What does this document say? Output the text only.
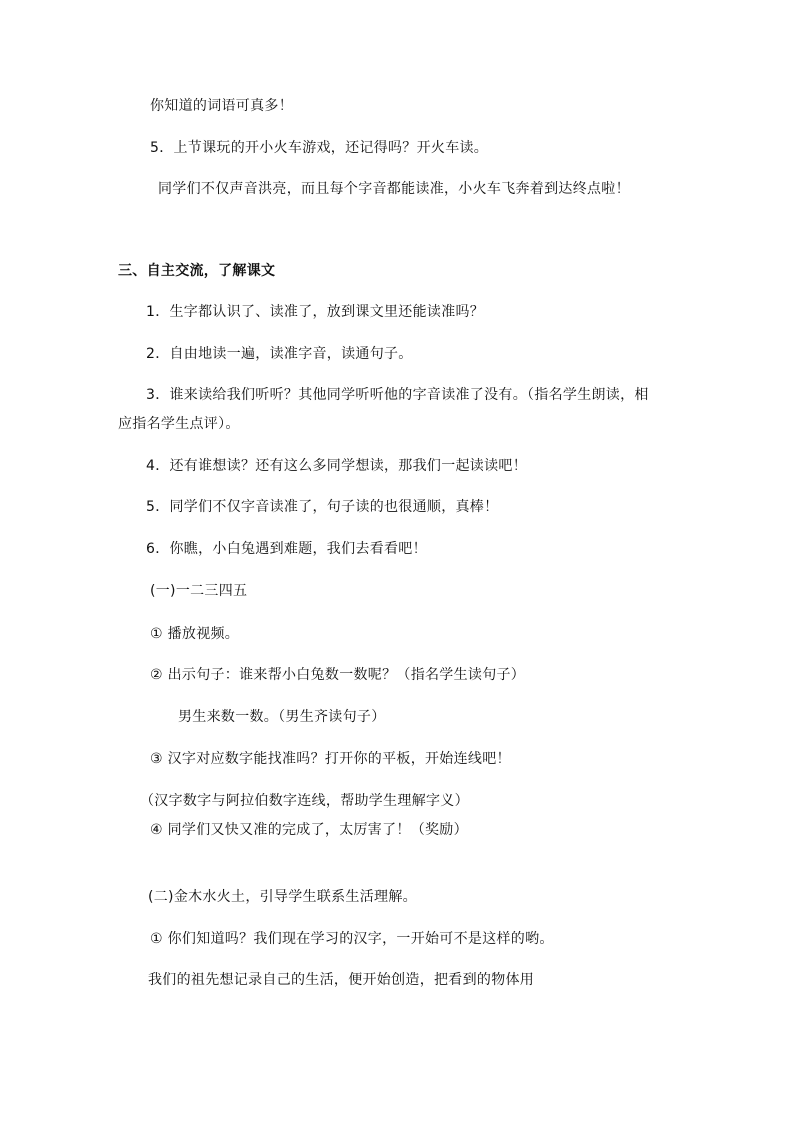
你知道的词语可真多！
5．上节课玩的开小火车游戏，还记得吗？开火车读。
同学们不仅声音洪亮，而且每个字音都能读准，小火车飞奔着到达终点啦！
三、自主交流，了解课文
1．生字都认识了、读准了，放到课文里还能读准吗？
2．自由地读一遍，读准字音，读通句子。
3．谁来读给我们听听？其他同学听听他的字音读准了没有。（指名学生朗读，相
应指名学生点评）。
4．还有谁想读？还有这么多同学想读，那我们一起读读吧！
5．同学们不仅字音读准了，句子读的也很通顺，真棒！
6．你瞧，小白兔遇到难题，我们去看看吧！
(一)一二三四五
① 播放视频。
② 出示句子：谁来帮小白兔数一数呢？（指名学生读句子）
男生来数一数。（男生齐读句子）
③ 汉字对应数字能找准吗？打开你的平板，开始连线吧！
（汉字数字与阿拉伯数字连线，帮助学生理解字义）
④ 同学们又快又准的完成了，太厉害了！（奖励）
(二)金木水火土，引导学生联系生活理解。
① 你们知道吗？我们现在学习的汉字，一开始可不是这样的哟。
我们的祖先想记录自己的生活，便开始创造，把看到的物体用
